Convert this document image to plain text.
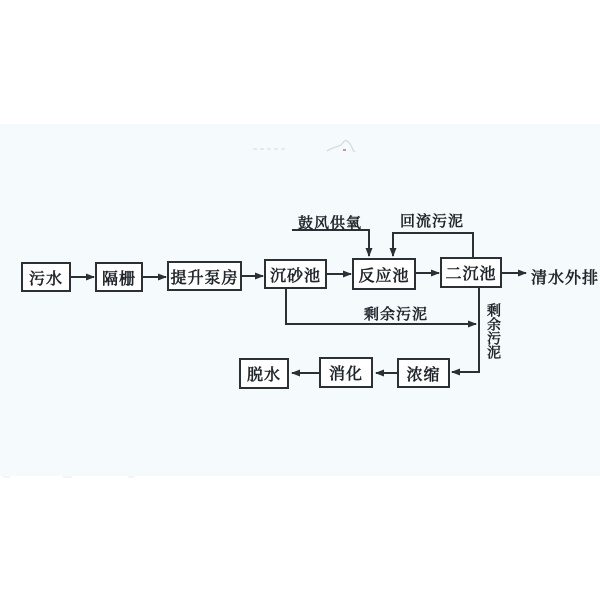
污水	隔栅	提升泵房	沉砂池	反应池	二沉池
浓缩
消化
脱水
鼓风供氧	回流污泥
剩余污泥	剩余污泥
清水外排
